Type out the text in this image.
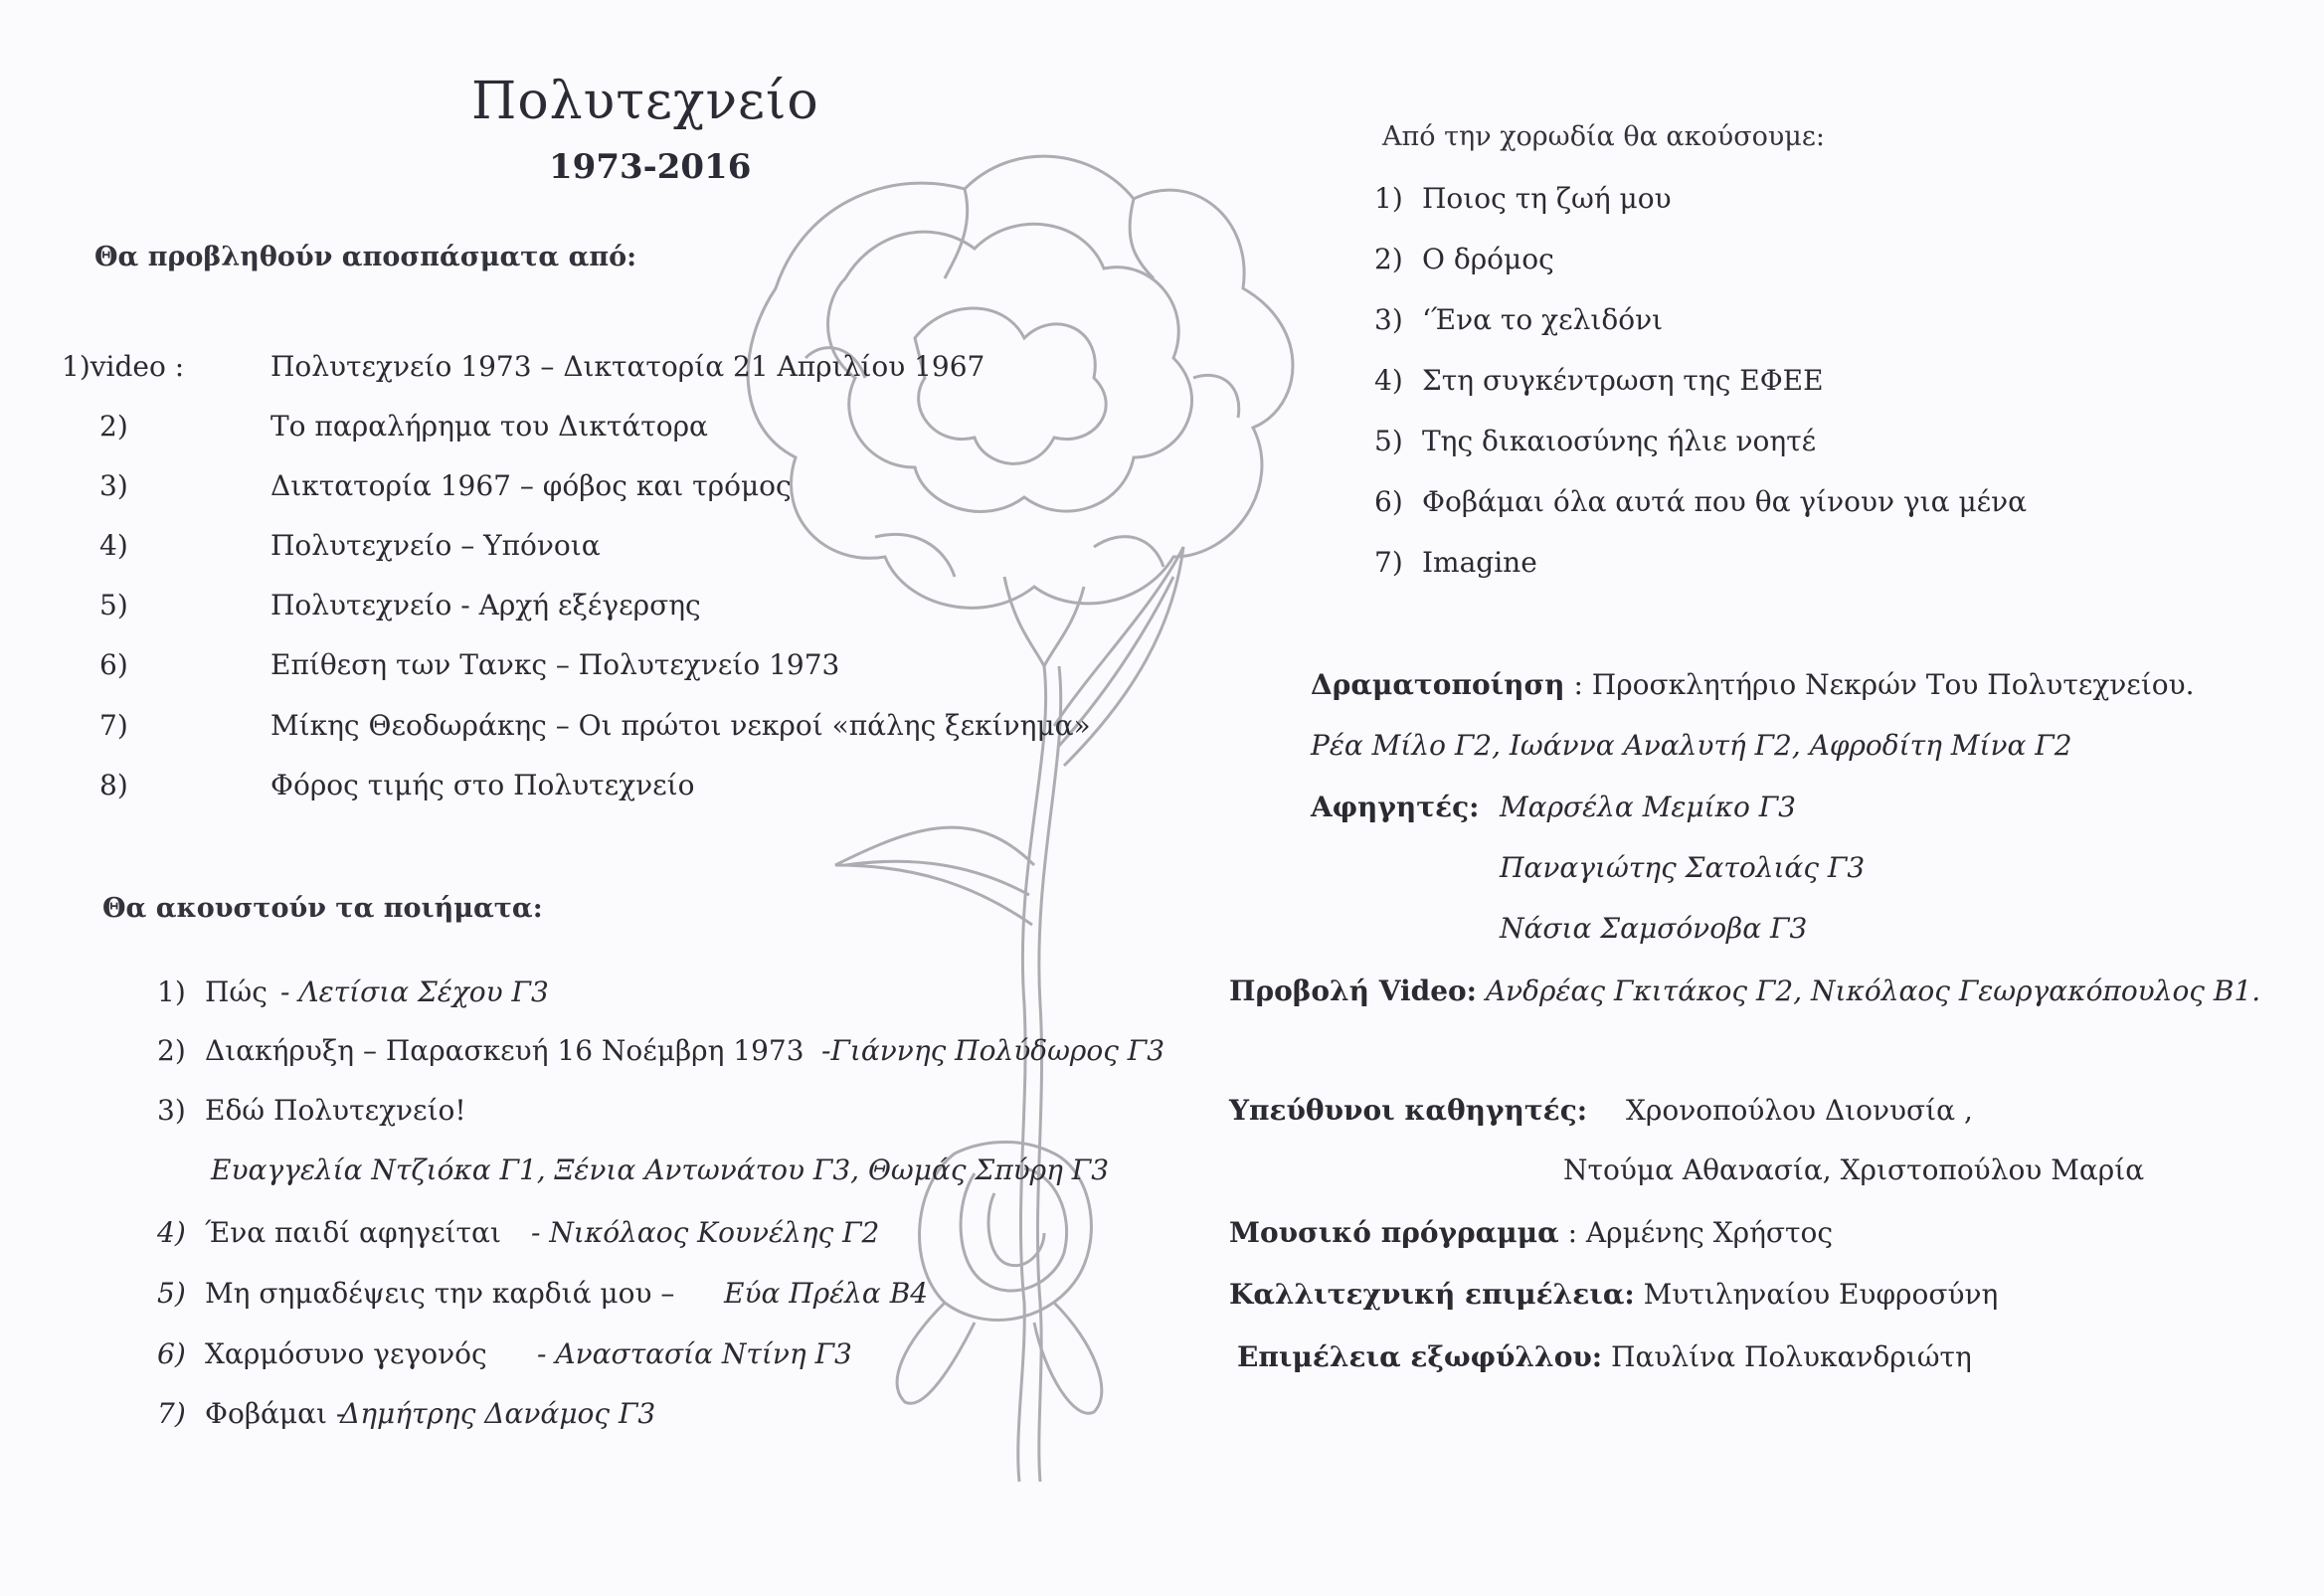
Πολυτεχνείο
1973-2016
Θα προβληθούν αποσπάσματα από:
1)video :	Πολυτεχνείο 1973 – Δικτατορία 21 Απριλίου 1967
2)	Το παραλήρημα του Δικτάτορα
3)	Δικτατορία 1967 – φόβος και τρόμος
4)	Πολυτεχνείο – Υπόνοια
5)	Πολυτεχνείο - Αρχή εξέγερσης
6)	Επίθεση των Τανκς – Πολυτεχνείο 1973
7)	Μίκης Θεοδωράκης – Οι πρώτοι νεκροί «πάλης ξεκίνημα»
8)	Φόρος τιμής στο Πολυτεχνείο
Θα ακουστούν τα ποιήματα:
1) Πώς - Λετίσια Σέχου Γ3
2) Διακήρυξη – Παρασκευή 16 Νοέμβρη 1973 -Γιάννης Πολύδωρος Γ3
3) Εδώ Πολυτεχνείο!
Ευαγγελία Ντζιόκα Γ1, Ξένια Αντωνάτου Γ3, Θωμάς Σπύρη Γ3
4) Ένα παιδί αφηγείται - Νικόλαος Κουνέλης Γ2
5) Μη σημαδέψεις την καρδιά μου – Εύα Πρέλα Β4
6) Χαρμόσυνο γεγονός - Αναστασία Ντίνη Γ3
7) Φοβάμαι -
Δημήτρης Δανάμος Γ3
Από την χορωδία θα ακούσουμε:
1) Ποιος τη ζωή μου
2) Ο δρόμος
3) ‘Ένα το χελιδόνι
4) Στη συγκέντρωση της ΕΦΕΕ
5) Της δικαιοσύνης ήλιε νοητέ
6) Φοβάμαι όλα αυτά που θα γίνουν για μένα
7) Imagine
Δραματοποίηση : Προσκλητήριο Νεκρών Του Πολυτεχνείου.
Ρέα Μίλο Γ2, Ιωάννα Αναλυτή Γ2, Αφροδίτη Μίνα Γ2
Αφηγητές: Μαρσέλα Μεμίκο Γ3
Παναγιώτης Σατολιάς Γ3
Νάσια Σαμσόνοβα Γ3
Προβολή Video: Ανδρέας Γκιτάκος Γ2, Νικόλαος Γεωργακόπουλος Β1.
Υπεύθυνοι καθηγητές: Χρονοπούλου Διονυσία ,
Ντούμα Αθανασία, Χριστοπούλου Μαρία
Μουσικό πρόγραμμα : Αρμένης Χρήστος
Καλλιτεχνική επιμέλεια: Μυτιληναίου Ευφροσύνη
Επιμέλεια εξωφύλλου: Παυλίνα Πολυκανδριώτη
